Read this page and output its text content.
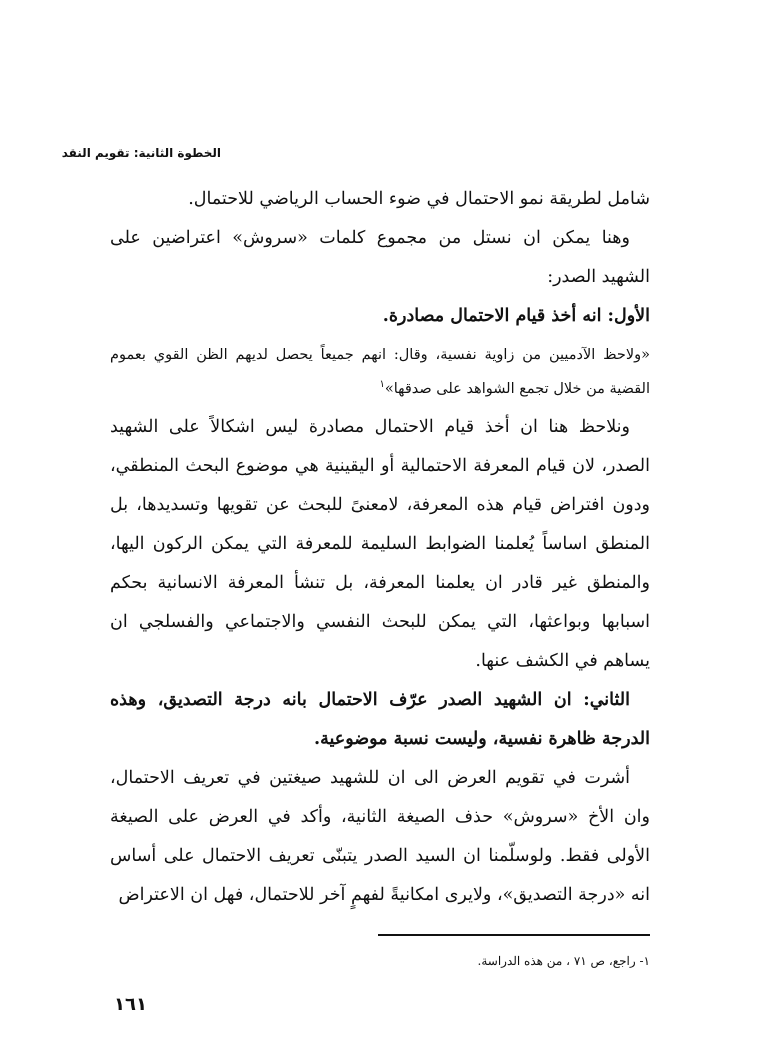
الخطوة الثانية: تقويم النقد

شامل لطريقة نمو الاحتمال في ضوء الحساب الرياضي للاحتمال.

وهنا يمكن ان نستل من مجموع كلمات «سروش» اعتراضين على الشهيد الصدر:

الأول: انه أخذ قيام الاحتمال مصادرة.

«ولاحظ الآدميين من زاوية نفسية، وقال: انهم جميعاً يحصل لديهم الظن القوي بعموم القضية من خلال تجمع الشواهد على صدقها»$^١$

ونلاحظ هنا ان أخذ قيام الاحتمال مصادرة ليس اشكالاً على الشهيد الصدر، لان قيام المعرفة الاحتمالية أو اليقينية هي موضوع البحث المنطقي، ودون افتراض قيام هذه المعرفة، لامعنىً للبحث عن تقويها وتسديدها، بل المنطق اساساً يُعلمنا الضوابط السليمة للمعرفة التي يمكن الركون اليها، والمنطق غير قادر ان يعلمنا المعرفة، بل تنشأ المعرفة الانسانية بحكم اسبابها وبواعثها، التي يمكن للبحث النفسي والاجتماعي والفسلجي ان يساهم في الكشف عنها.

الثاني: ان الشهيد الصدر عرّف الاحتمال بانه درجة التصديق، وهذه الدرجة ظاهرة نفسية، وليست نسبة موضوعية.

أشرت في تقويم العرض الى ان للشهيد صيغتين في تعريف الاحتمال، وان الأخ «سروش» حذف الصيغة الثانية، وأكد في العرض على الصيغة الأولى فقط. ولوسلّمنا ان السيد الصدر يتبنّى تعريف الاحتمال على أساس انه «درجة التصديق»، ولايرى امكانيةً لفهمٍ آخر للاحتمال، فهل ان الاعتراض

١- راجع، ص ٧١ ، من هذه الدراسة.
١٦١
